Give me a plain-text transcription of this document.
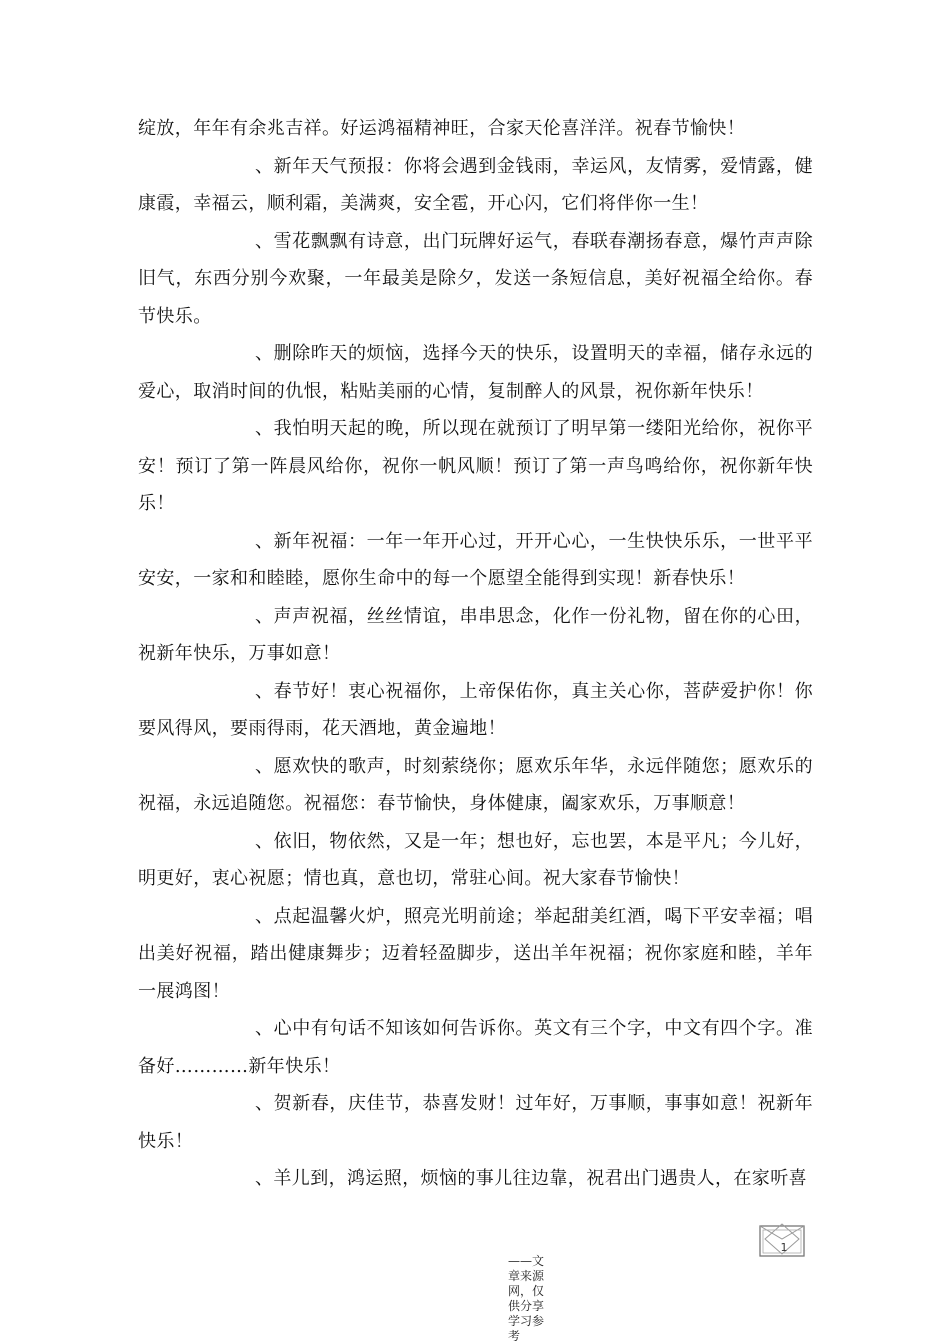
绽放，年年有余兆吉祥。好运鸿福精神旺，合家天伦喜洋洋。祝春节愉快！

、新年天气预报：你将会遇到金钱雨，幸运风，友情雾，爱情露，健康霞，幸福云，顺利霜，美满爽，安全雹，开心闪，它们将伴你一生！

、雪花飘飘有诗意，出门玩牌好运气，春联春潮扬春意，爆竹声声除旧气，东西分别今欢聚，一年最美是除夕，发送一条短信息，美好祝福全给你。春节快乐。

、删除昨天的烦恼，选择今天的快乐，设置明天的幸福，储存永远的爱心，取消时间的仇恨，粘贴美丽的心情，复制醉人的风景，祝你新年快乐！

、我怕明天起的晚，所以现在就预订了明早第一缕阳光给你，祝你平安！预订了第一阵晨风给你，祝你一帆风顺！预订了第一声鸟鸣给你，祝你新年快乐！

、新年祝福：一年一年开心过，开开心心，一生快快乐乐，一世平平安安，一家和和睦睦，愿你生命中的每一个愿望全能得到实现！新春快乐！

、声声祝福，丝丝情谊，串串思念，化作一份礼物，留在你的心田，祝新年快乐，万事如意！

、春节好！衷心祝福你，上帝保佑你，真主关心你，菩萨爱护你！你要风得风，要雨得雨，花天酒地，黄金遍地！

、愿欢快的歌声，时刻萦绕你；愿欢乐年华，永远伴随您；愿欢乐的祝福，永远追随您。祝福您：春节愉快，身体健康，阖家欢乐，万事顺意！

、依旧，物依然，又是一年；想也好，忘也罢，本是平凡；今儿好，明更好，衷心祝愿；情也真，意也切，常驻心间。祝大家春节愉快！

、点起温馨火炉，照亮光明前途；举起甜美红酒，喝下平安幸福；唱出美好祝福，踏出健康舞步；迈着轻盈脚步，送出羊年祝福；祝你家庭和睦，羊年一展鸿图！

、心中有句话不知该如何告诉你。英文有三个字，中文有四个字。准备好…………新年快乐！

、贺新春，庆佳节，恭喜发财！过年好，万事顺，事事如意！祝新年快乐！

、羊儿到，鸿运照，烦恼的事儿往边靠，祝君出门遇贵人，在家听喜

1
——文章来源网，仅供分享学习参考
